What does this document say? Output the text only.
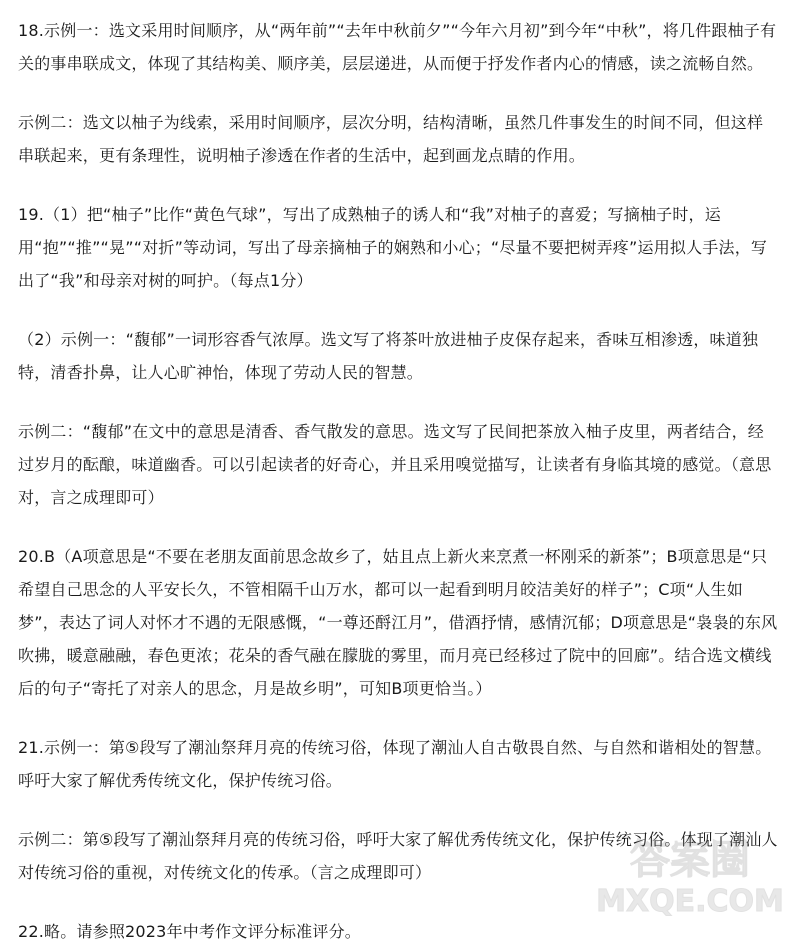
18.示例一：选文采用时间顺序，从“两年前”“去年中秋前夕”“今年六月初”到今年“中秋”，将几件跟柚子有关的事串联成文，体现了其结构美、顺序美，层层递进，从而便于抒发作者内心的情感，读之流畅自然。

示例二：选文以柚子为线索，采用时间顺序，层次分明，结构清晰，虽然几件事发生的时间不同，但这样串联起来，更有条理性，说明柚子渗透在作者的生活中，起到画龙点睛的作用。

19.（1）把“柚子”比作“黄色气球”，写出了成熟柚子的诱人和“我”对柚子的喜爱；写摘柚子时，运用“抱”“推”“晃”“对折”等动词，写出了母亲摘柚子的娴熟和小心；“尽量不要把树弄疼”运用拟人手法，写出了“我”和母亲对树的呵护。（每点1分）

（2）示例一：“馥郁”一词形容香气浓厚。选文写了将茶叶放进柚子皮保存起来，香味互相渗透，味道独特，清香扑鼻，让人心旷神怡，体现了劳动人民的智慧。

示例二：“馥郁”在文中的意思是清香、香气散发的意思。选文写了民间把茶放入柚子皮里，两者结合，经过岁月的酝酿，味道幽香。可以引起读者的好奇心，并且采用嗅觉描写，让读者有身临其境的感觉。（意思对，言之成理即可）

20.B（A项意思是“不要在老朋友面前思念故乡了，姑且点上新火来烹煮一杯刚采的新茶”；B项意思是“只希望自己思念的人平安长久，不管相隔千山万水，都可以一起看到明月皎洁美好的样子”；C项“人生如梦”，表达了词人对怀才不遇的无限感慨，“一尊还酹江月”，借酒抒情，感情沉郁；D项意思是“袅袅的东风吹拂，暖意融融，春色更浓；花朵的香气融在朦胧的雾里，而月亮已经移过了院中的回廊”。结合选文横线后的句子“寄托了对亲人的思念，月是故乡明”，可知B项更恰当。）

21.示例一：第⑤段写了潮汕祭拜月亮的传统习俗，体现了潮汕人自古敬畏自然、与自然和谐相处的智慧。呼吁大家了解优秀传统文化，保护传统习俗。

示例二：第⑤段写了潮汕祭拜月亮的传统习俗，呼吁大家了解优秀传统文化，保护传统习俗。体现了潮汕人对传统习俗的重视，对传统文化的传承。（言之成理即可）

22.略。请参照2023年中考作文评分标准评分。

答案圈
MXQE.COM
